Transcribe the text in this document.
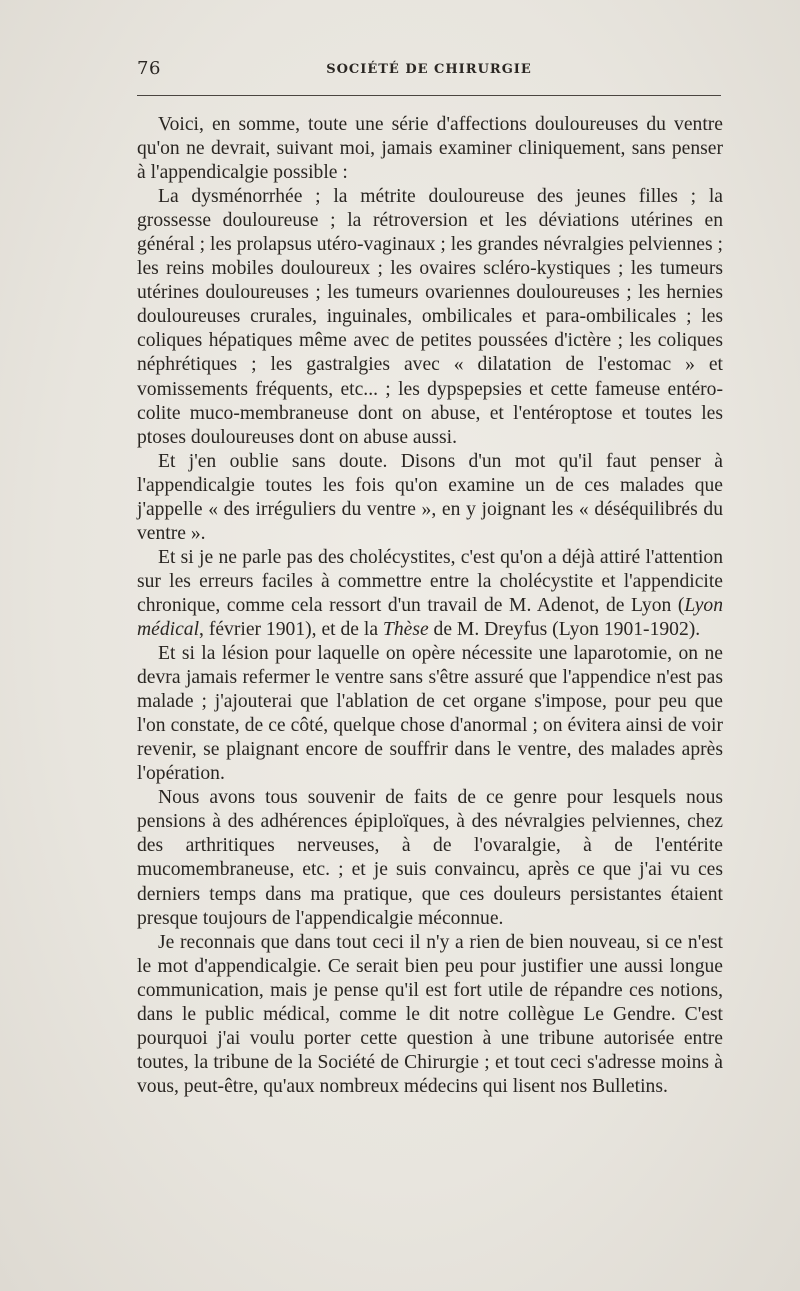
76	SOCIÉTÉ DE CHIRURGIE

Voici, en somme, toute une série d'affections douloureuses du ventre qu'on ne devrait, suivant moi, jamais examiner cliniquement, sans penser à l'appendicalgie possible :

La dysménorrhée ; la métrite douloureuse des jeunes filles ; la grossesse douloureuse ; la rétroversion et les déviations utérines en général ; les prolapsus utéro-vaginaux ; les grandes névralgies pelviennes ; les reins mobiles douloureux ; les ovaires scléro-kystiques ; les tumeurs utérines douloureuses ; les tumeurs ovariennes douloureuses ; les hernies douloureuses crurales, inguinales, ombilicales et para-ombilicales ; les coliques hépatiques même avec de petites poussées d'ictère ; les coliques néphrétiques ; les gastralgies avec « dilatation de l'estomac » et vomissements fréquents, etc... ; les dypspepsies et cette fameuse entéro-colite muco-membraneuse dont on abuse, et l'entéroptose et toutes les ptoses douloureuses dont on abuse aussi.

Et j'en oublie sans doute. Disons d'un mot qu'il faut penser à l'appendicalgie toutes les fois qu'on examine un de ces malades que j'appelle « des irréguliers du ventre », en y joignant les « déséquilibrés du ventre ».

Et si je ne parle pas des cholécystites, c'est qu'on a déjà attiré l'attention sur les erreurs faciles à commettre entre la cholécystite et l'appendicite chronique, comme cela ressort d'un travail de M. Adenot, de Lyon (Lyon médical, février 1901), et de la Thèse de M. Dreyfus (Lyon 1901-1902).

Et si la lésion pour laquelle on opère nécessite une laparotomie, on ne devra jamais refermer le ventre sans s'être assuré que l'appendice n'est pas malade ; j'ajouterai que l'ablation de cet organe s'impose, pour peu que l'on constate, de ce côté, quelque chose d'anormal ; on évitera ainsi de voir revenir, se plaignant encore de souffrir dans le ventre, des malades après l'opération.

Nous avons tous souvenir de faits de ce genre pour lesquels nous pensions à des adhérences épiploïques, à des névralgies pelviennes, chez des arthritiques nerveuses, à de l'ovaralgie, à de l'entérite mucomembraneuse, etc. ; et je suis convaincu, après ce que j'ai vu ces derniers temps dans ma pratique, que ces douleurs persistantes étaient presque toujours de l'appendicalgie méconnue.

Je reconnais que dans tout ceci il n'y a rien de bien nouveau, si ce n'est le mot d'appendicalgie. Ce serait bien peu pour justifier une aussi longue communication, mais je pense qu'il est fort utile de répandre ces notions, dans le public médical, comme le dit notre collègue Le Gendre. C'est pourquoi j'ai voulu porter cette question à une tribune autorisée entre toutes, la tribune de la Société de Chirurgie ; et tout ceci s'adresse moins à vous, peut-être, qu'aux nombreux médecins qui lisent nos Bulletins.
